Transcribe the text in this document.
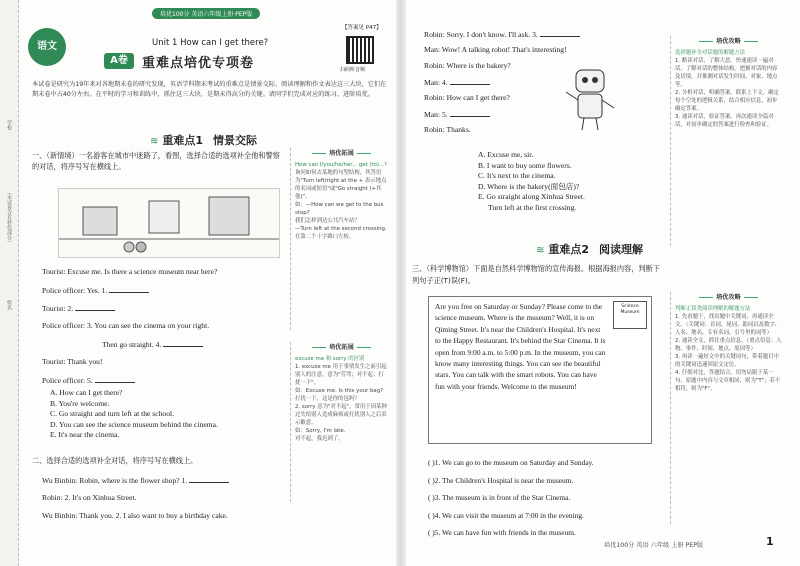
（本试卷含有特色部分）
学校
姓名
语文
培优100分 英语六年级上册·PEP版
【答案见 P47】
Unit 1 How can I get there?
A卷	重难点培优专项卷	扫码听音频
本试卷是研究为19年来对各地期末卷的研究发现，英语学科期末考试的重难点是情景交际、阅读理解和作文表达这三大块，它们在期末卷中占40分左右。在平时的学习和训练中，抓住这三大块，是期末得高分的关键。请同学们完成对应的练习，进阶培优。
≋ 重难点1 情景交际
一、（新情境）一名游客在城市中迷路了，看图，选择合适的选项补全他和警察的对话，将序号写在横线上。
Tourist: Excuse me. Is there a science museum near here?
Police officer: Yes. 1.
Tourist: 2.
Police officer: 3. You can see the cinema on your right.
Then go straight. 4.
Tourist: Thank you!
Police officer: 5.
A. How can I get there?
B. You're welcome.
C. Go straight and turn left at the school.
D. You can see the science museum behind the cinema.
E. It's near the cinema.
二、选择合适的选项补全对话，将序号写在横线上。
Wu Binbin: Robin, where is the flower shop? 1.
Robin: 2. It's on Xinhua Street.
Wu Binbin: Thank you. 2. I also want to buy a birthday cake.
培优拓展
How can I/you/he/her... get (to)...?
询问如何去某地的句型结构，其答语为"Turn left/right at the + 表示地点的名词或短语"或"Go straight (+其他)"。
如：—How can we get to the bus stop?
我们怎样到达公共汽车站？
—Turn left at the second crossing.
在第二个十字路口左转。
培优拓展
excuse me 和 sorry 的区别
1. excuse me 用于事情发生之前引起别人的注意，意为"劳驾；对不起；打扰一下"。
如：Excuse me. Is this your bag?
打扰一下，这是你的包吗？
2. sorry 意为"对不起"，常用于因某种过失给别人造成麻烦或打扰别人之后表示歉意。
如：Sorry, I'm late.
对不起，我迟到了。
Robin: Sorry. I don't know. I'll ask. 3.
Man: Wow! A talking robot! That's interesting!
Robin: Where is the bakery?
Man: 4.
Robin: How can I get there?
Man: 5.
Robin: Thanks.
A. Excuse me, sir.
B. I want to buy some flowers.
C. It's next to the cinema.
D. Where is the bakery(面包店)?
E. Go straight along Xinhua Street.
Turn left at the first crossing.
≋ 重难点2 阅读理解
三、（科学博物馆）下面是自然科学博物馆的宣传海报。根据海报内容，判断下列句子正(T)误(F)。
Science Museum
Are you free on Saturday or Sunday? Please come to the science museum. Where is the museum? Well, it is on Qiming Street. It's near the Children's Hospital. It's next to the Happy Restaurant. It's behind the Star Cinema. It is open from 9:00 a.m. to 5:00 p.m. In the museum, you can know many interesting things. You can see the beautiful stars. You can talk with the smart robots. You can have fun with your friends. Welcome to the museum!
( )1. We can go to the museum on Saturday and Sunday.
( )2. The Children's Hospital is near the museum.
( )3. The museum is in front of the Star Cinema.
( )4. We can visit the museum at 7:00 in the evening.
( )5. We can have fun with friends in the museum.
培优攻略
选择题补全对话题的解题方法
1. 略读对话，了解大意。快速通读一遍对话，了解对话的整体结构，把握对话的内容及语境，并推测对话发生时间、对象、地点等。
2. 分析对话，明确答案。联系上下文，确定每个空处的逻辑关系，结合相应信息，初步确定答案。
3. 通读对话，验证答案。再次通读全篇对话，对初步确定的答案进行检查和验证。
培优攻略
判断正误类阅读理解的解题方法
1. 先看题干，找出题中关键词，再通读全文。（关键词：首词、尾词、助词以及数字、人名、地名、专有名词、引号里的词等）
2. 通读全文，抓住重点信息。（重点信息：人物、事件、时间、地点、原因等）
3. 再读一遍短文中的关键词句，带着题目中的关键词迅速回原文定位。
4. 仔细对比，答题结合，切勿局限于某一句。原题中内容与文章相同，则为"T"；若不相符，则为"F"。
培优100分 英语 六年级 上册 PEP版	1
